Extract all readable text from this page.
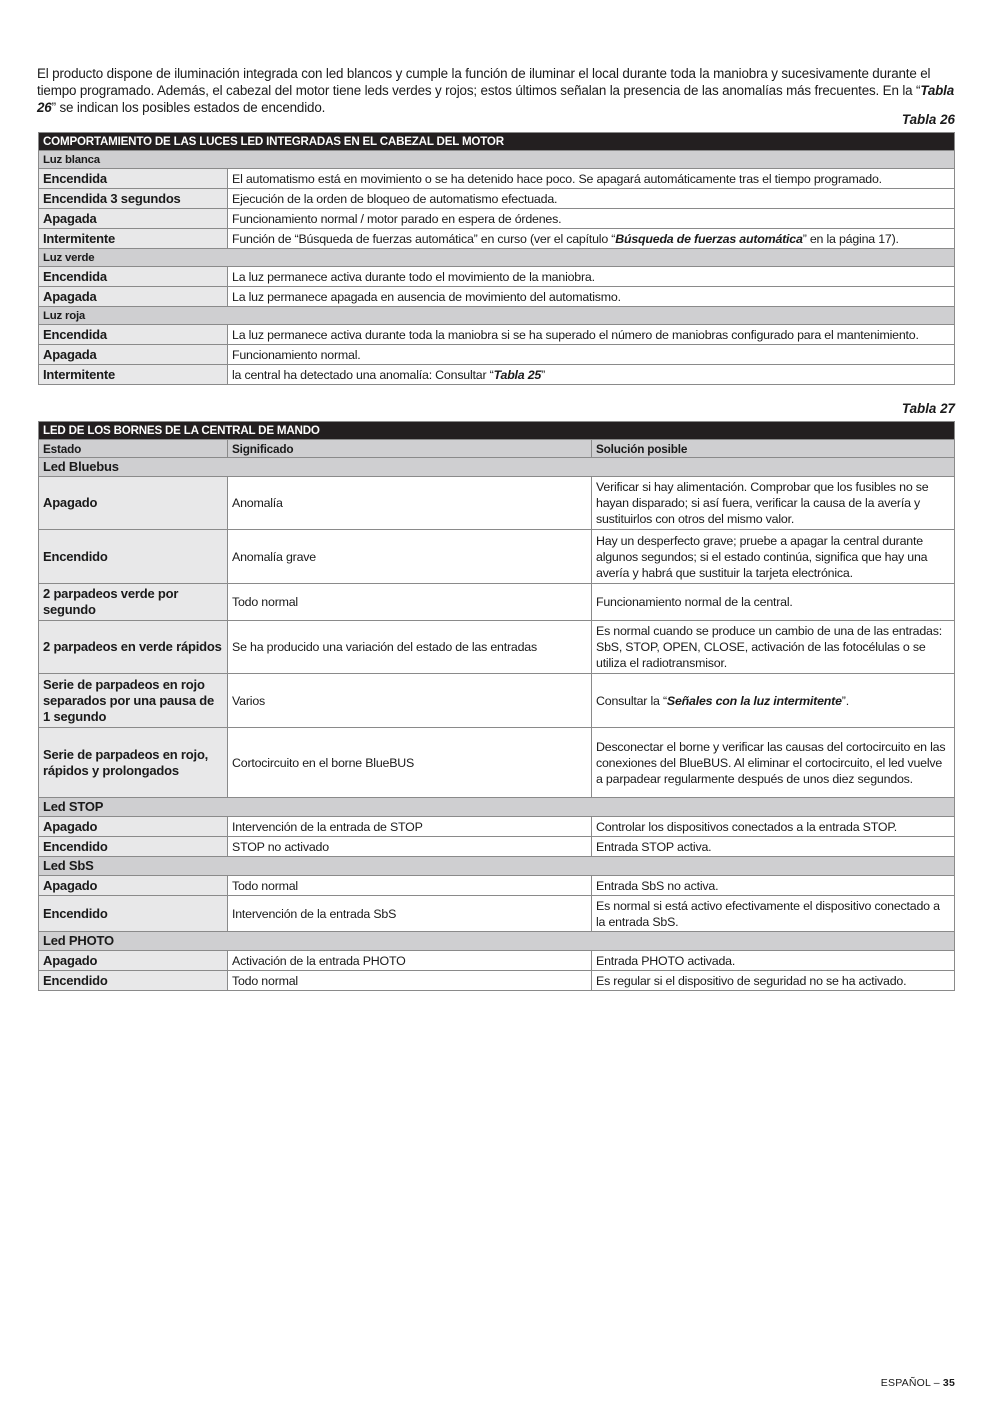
El producto dispone de iluminación integrada con led blancos y cumple la función de iluminar el local durante toda la maniobra y sucesivamente durante el tiempo programado. Además, el cabezal del motor tiene leds verdes y rojos; estos últimos señalan la presencia de las anomalías más frecuentes. En la “Tabla 26” se indican los posibles estados de encendido.

Tabla 26
COMPORTAMIENTO DE LAS LUCES LED INTEGRADAS EN EL CABEZAL DEL MOTOR	
Luz blanca	
Encendida	El automatismo está en movimiento o se ha detenido hace poco. Se apagará automáticamente tras el tiempo programado.
Encendida 3 segundos	Ejecución de la orden de bloqueo de automatismo efectuada.
Apagada	Funcionamiento normal / motor parado en espera de órdenes.
Intermitente	Función de “Búsqueda de fuerzas automática” en curso (ver el capítulo “Búsqueda de fuerzas automática” en la página 17).
Luz verde	
Encendida	La luz permanece activa durante todo el movimiento de la maniobra.
Apagada	La luz permanece apagada en ausencia de movimiento del automatismo.
Luz roja	
Encendida	La luz permanece activa durante toda la maniobra si se ha superado el número de maniobras configurado para el mantenimiento.
Apagada	Funcionamiento normal.
Intermitente	la central ha detectado una anomalía: Consultar “Tabla 25”
Tabla 27
LED DE LOS BORNES DE LA CENTRAL DE MANDO		
Estado	Significado	Solución posible
Led Bluebus		
Apagado	Anomalía	Verificar si hay alimentación. Comprobar que los fusibles no se hayan disparado; si así fuera, verificar la causa de la avería y sustituirlos con otros del mismo valor.
Encendido	Anomalía grave	Hay un desperfecto grave; pruebe a apagar la central durante algunos segundos; si el estado continúa, significa que hay una avería y habrá que sustituir la tarjeta electrónica.
2 parpadeos verde por segundo	Todo normal	Funcionamiento normal de la central.
2 parpadeos en verde rápidos	Se ha producido una variación del estado de las entradas	Es normal cuando se produce un cambio de una de las entradas: SbS, STOP, OPEN, CLOSE, activación de las fotocélulas o se utiliza el radiotransmisor.
Serie de parpadeos en rojo separados por una pausa de 1 segundo	Varios	Consultar la “Señales con la luz intermitente”.
Serie de parpadeos en rojo, rápidos y prolongados	Cortocircuito en el borne BlueBUS	Desconectar el borne y verificar las causas del cortocircuito en las conexiones del BlueBUS. Al eliminar el cortocircuito, el led vuelve a parpadear regularmente después de unos diez segundos.
Led STOP		
Apagado	Intervención de la entrada de STOP	Controlar los dispositivos conectados a la entrada STOP.
Encendido	STOP no activado	Entrada STOP activa.
Led SbS		
Apagado	Todo normal	Entrada SbS no activa.
Encendido	Intervención de la entrada SbS	Es normal si está activo efectivamente el dispositivo conectado a la entrada SbS.
Led PHOTO		
Apagado	Activación de la entrada PHOTO	Entrada PHOTO activada.
Encendido	Todo normal	Es regular si el dispositivo de seguridad no se ha activado.
ESPAÑOL – 35
